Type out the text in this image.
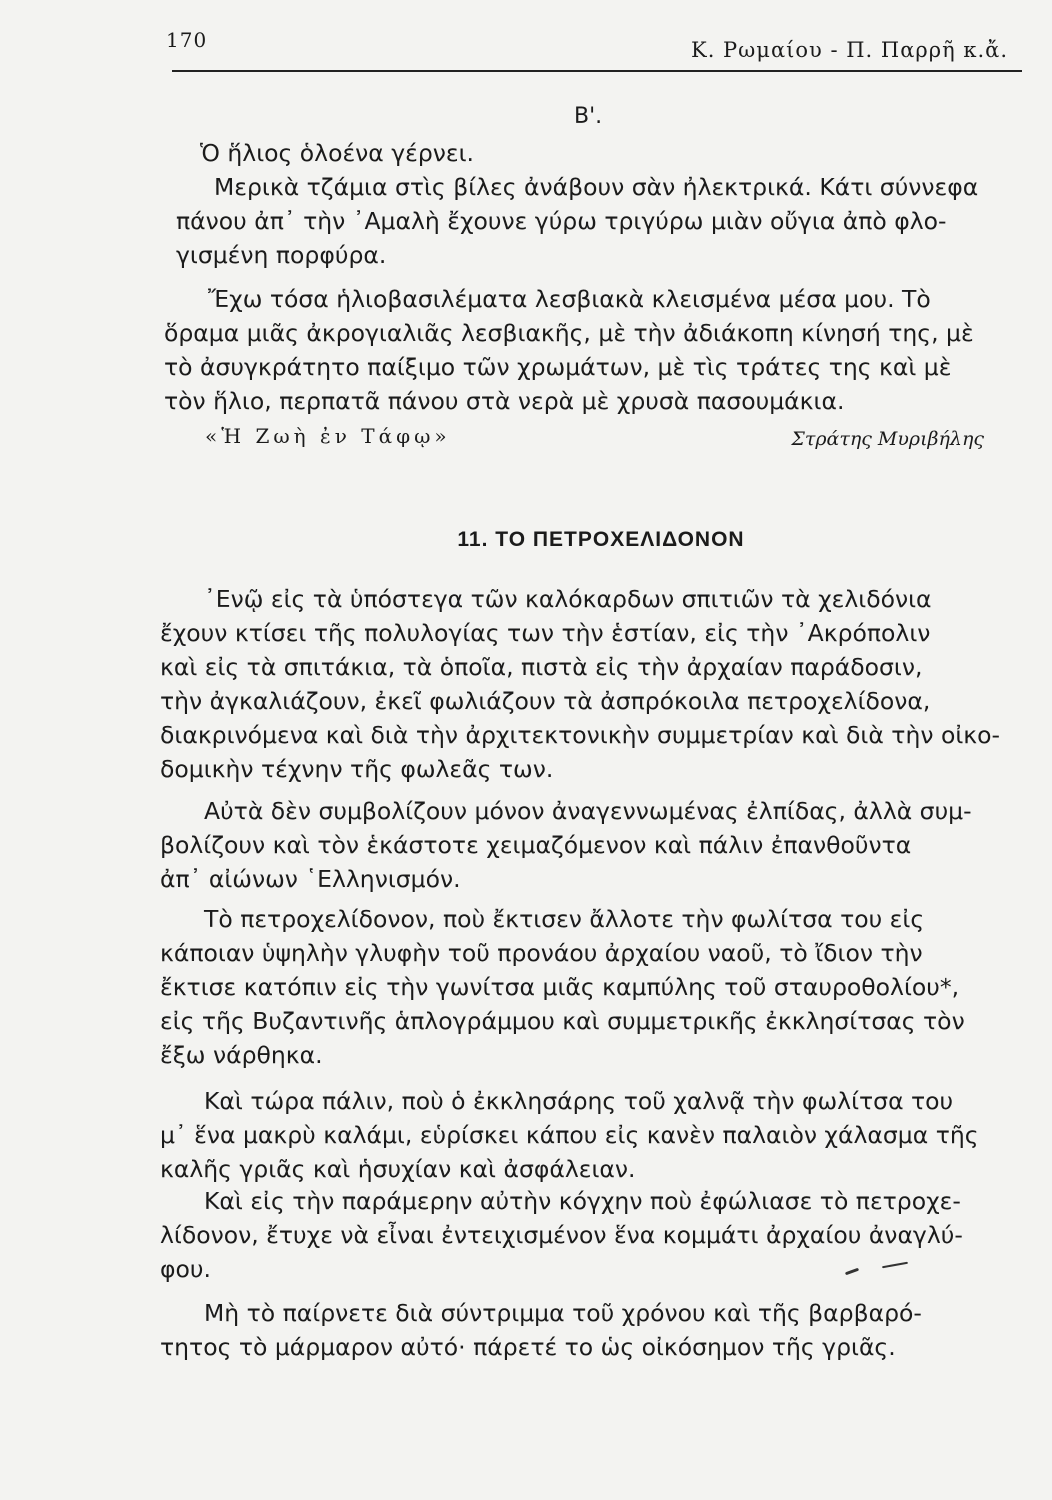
170	Κ. Ρωμαίου - Π. Παρρῆ κ.ἄ.
Β'.
Ὁ ἥλιος ὁλοένα γέρνει.
Μερικὰ τζάμια στὶς βίλες ἀνάβουν σὰν ἠλεκτρικά. Κάτι σύννεφα
πάνου ἀπ᾽ τὴν ᾽Αμαλὴ ἔχουνε γύρω τριγύρω μιὰν οὔγια ἀπὸ φλο-
γισμένη πορφύρα.
Ἔχω τόσα ἡλιοβασιλέματα λεσβιακὰ κλεισμένα μέσα μου. Τὸ
ὅραμα μιᾶς ἀκρογιαλιᾶς λεσβιακῆς, μὲ τὴν ἀδιάκοπη κίνησή της, μὲ
τὸ ἀσυγκράτητο παίξιμο τῶν χρωμάτων, μὲ τὶς τράτες της καὶ μὲ
τὸν ἥλιο, περπατᾶ πάνου στὰ νερὰ μὲ χρυσὰ πασουμάκια.
«Ἡ Ζωὴ ἐν Τάφῳ»	Στράτης Μυριβήλης
11. ΤΟ ΠΕΤΡΟΧΕΛΙΔΟΝΟΝ
᾽Ενῷ εἰς τὰ ὑπόστεγα τῶν καλόκαρδων σπιτιῶν τὰ χελιδόνια
ἔχουν κτίσει τῆς πολυλογίας των τὴν ἑστίαν, εἰς τὴν ᾽Ακρόπολιν
καὶ εἰς τὰ σπιτάκια, τὰ ὁποῖα, πιστὰ εἰς τὴν ἀρχαίαν παράδοσιν,
τὴν ἀγκαλιάζουν, ἐκεῖ φωλιάζουν τὰ ἀσπρόκοιλα πετροχελίδονα,
διακρινόμενα καὶ διὰ τὴν ἀρχιτεκτονικὴν συμμετρίαν καὶ διὰ τὴν οἰκο-
δομικὴν τέχνην τῆς φωλεᾶς των.
Αὐτὰ δὲν συμβολίζουν μόνον ἀναγεννωμένας ἐλπίδας, ἀλλὰ συμ-
βολίζουν καὶ τὸν ἑκάστοτε χειμαζόμενον καὶ πάλιν ἐπανθοῦντα
ἀπ᾽ αἰώνων ῾Ελληνισμόν.
Τὸ πετροχελίδονον, ποὺ ἔκτισεν ἄλλοτε τὴν φωλίτσα του εἰς
κάποιαν ὑψηλὴν γλυφὴν τοῦ προνάου ἀρχαίου ναοῦ, τὸ ἴδιον τὴν
ἔκτισε κατόπιν εἰς τὴν γωνίτσα μιᾶς καμπύλης τοῦ σταυροθολίου*,
εἰς τῆς Βυζαντινῆς ἁπλογράμμου καὶ συμμετρικῆς ἐκκλησίτσας τὸν
ἔξω νάρθηκα.
Καὶ τώρα πάλιν, ποὺ ὁ ἐκκλησάρης τοῦ χαλνᾷ τὴν φωλίτσα του
μ᾽ ἕνα μακρὺ καλάμι, εὑρίσκει κάπου εἰς κανὲν παλαιὸν χάλασμα τῆς
καλῆς γριᾶς καὶ ἡσυχίαν καὶ ἀσφάλειαν.
Καὶ εἰς τὴν παράμερην αὐτὴν κόγχην ποὺ ἐφώλιασε τὸ πετροχε-
λίδονον, ἔτυχε νὰ εἶναι ἐντειχισμένον ἕνα κομμάτι ἀρχαίου ἀναγλύ-
φου.
Μὴ τὸ παίρνετε διὰ σύντριμμα τοῦ χρόνου καὶ τῆς βαρβαρό-
τητος τὸ μάρμαρον αὐτό· πάρετέ το ὡς οἰκόσημον τῆς γριᾶς.
